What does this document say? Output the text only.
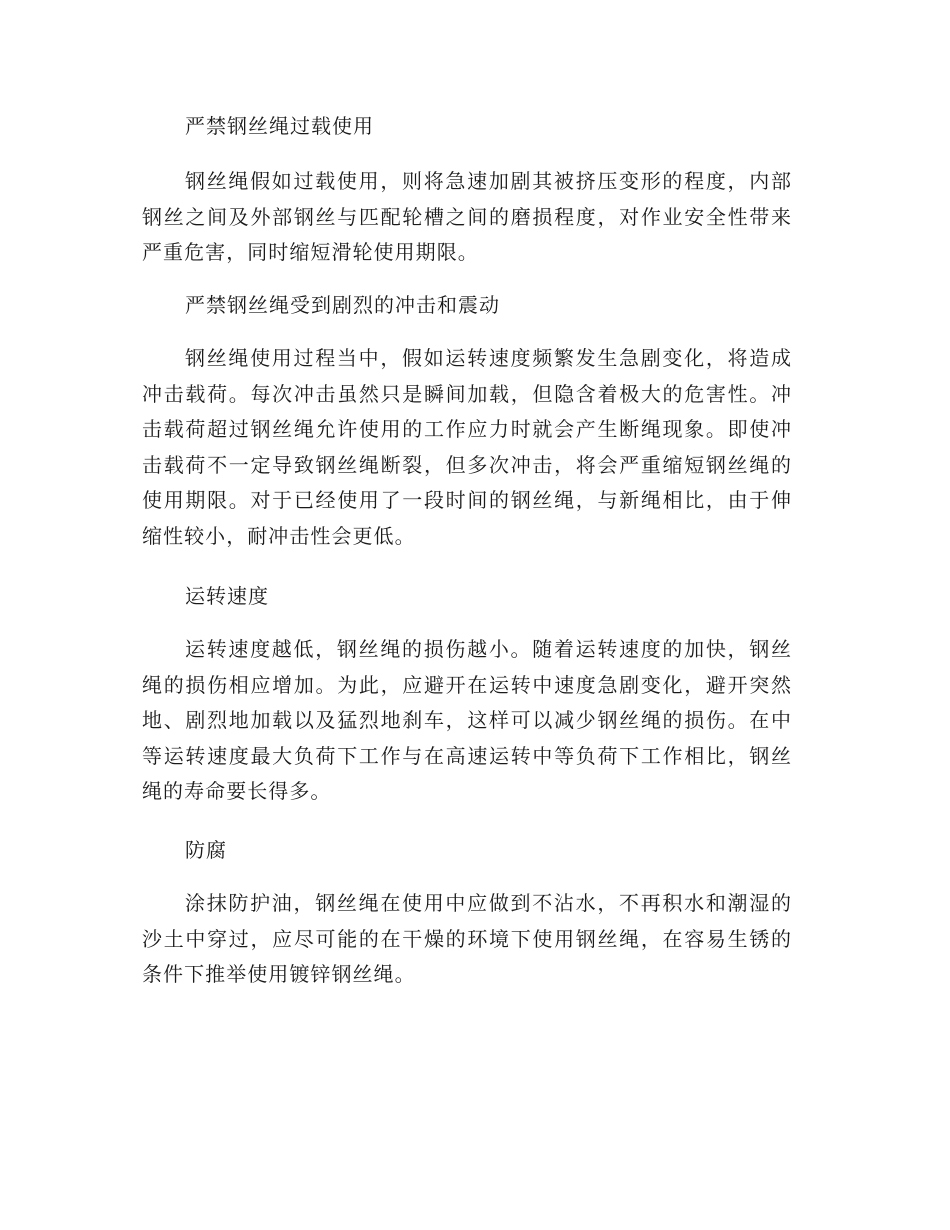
严禁钢丝绳过载使用

钢丝绳假如过载使用，则将急速加剧其被挤压变形的程度，内部钢丝之间及外部钢丝与匹配轮槽之间的磨损程度，对作业安全性带来严重危害，同时缩短滑轮使用期限。

严禁钢丝绳受到剧烈的冲击和震动

钢丝绳使用过程当中，假如运转速度频繁发生急剧变化，将造成冲击载荷。每次冲击虽然只是瞬间加载，但隐含着极大的危害性。冲击载荷超过钢丝绳允许使用的工作应力时就会产生断绳现象。即使冲击载荷不一定导致钢丝绳断裂，但多次冲击，将会严重缩短钢丝绳的使用期限。对于已经使用了一段时间的钢丝绳，与新绳相比，由于伸缩性较小，耐冲击性会更低。

运转速度

运转速度越低，钢丝绳的损伤越小。随着运转速度的加快，钢丝绳的损伤相应增加。为此，应避开在运转中速度急剧变化，避开突然地、剧烈地加载以及猛烈地刹车，这样可以减少钢丝绳的损伤。在中等运转速度最大负荷下工作与在高速运转中等负荷下工作相比，钢丝绳的寿命要长得多。

防腐

涂抹防护油，钢丝绳在使用中应做到不沾水，不再积水和潮湿的沙土中穿过，应尽可能的在干燥的环境下使用钢丝绳，在容易生锈的条件下推举使用镀锌钢丝绳。
